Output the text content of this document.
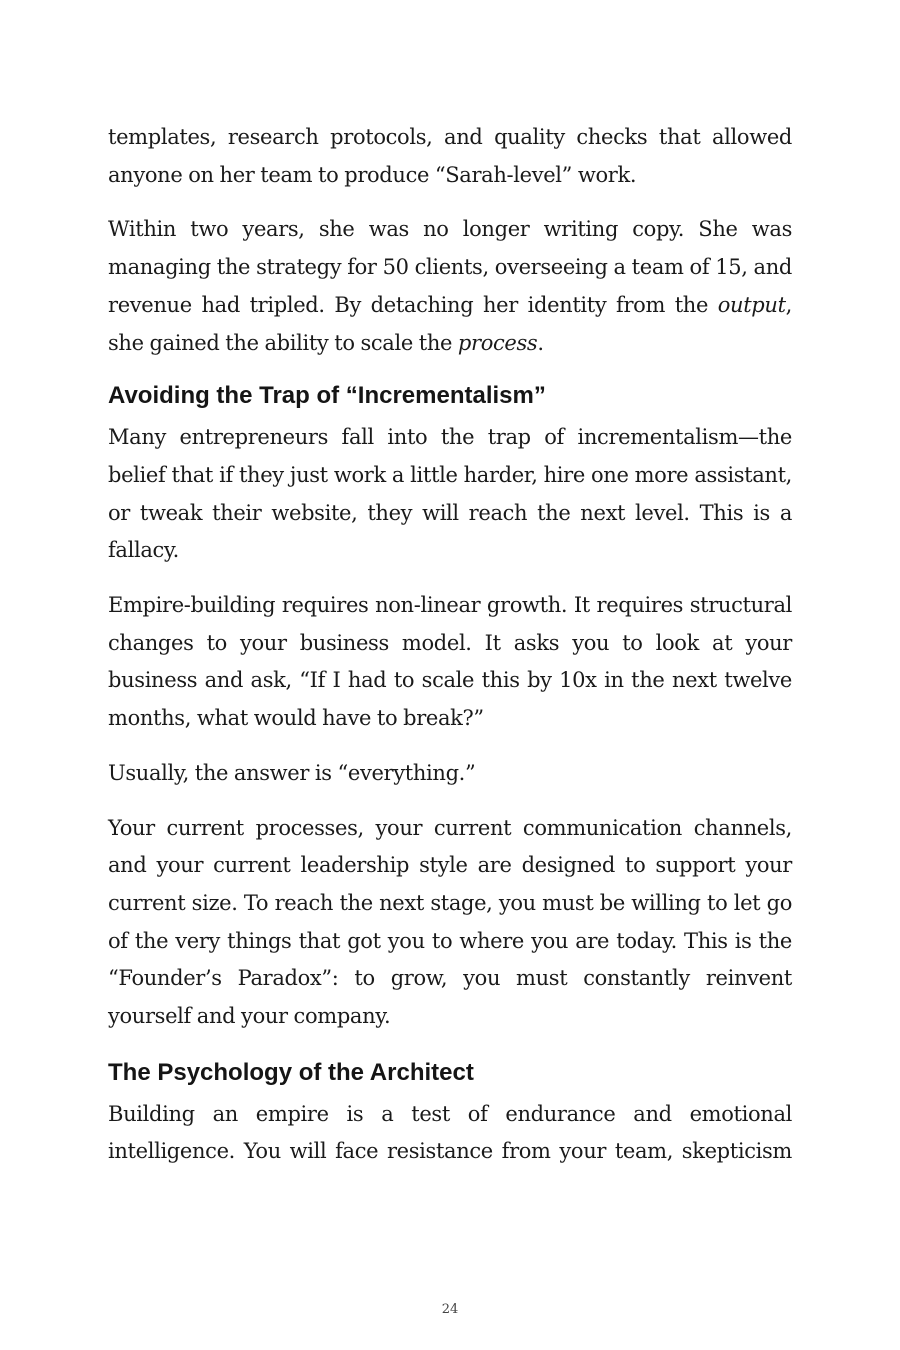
templates, research protocols, and quality checks that allowed anyone on her team to produce “Sarah-level” work.

Within two years, she was no longer writing copy. She was managing the strategy for 50 clients, overseeing a team of 15, and revenue had tripled. By detaching her identity from the output, she gained the ability to scale the process.

Avoiding the Trap of “Incrementalism”

Many entrepreneurs fall into the trap of incrementalism—the belief that if they just work a little harder, hire one more assistant, or tweak their website, they will reach the next level. This is a fallacy.

Empire-building requires non-linear growth. It requires structural changes to your business model. It asks you to look at your business and ask, “If I had to scale this by 10x in the next twelve months, what would have to break?”

Usually, the answer is “everything.”

Your current processes, your current communication channels, and your current leadership style are designed to support your current size. To reach the next stage, you must be willing to let go of the very things that got you to where you are today. This is the “Founder’s Paradox”: to grow, you must constantly reinvent yourself and your company.

The Psychology of the Architect

Building an empire is a test of endurance and emotional intelligence. You will face resistance from your team, skepticism

24
